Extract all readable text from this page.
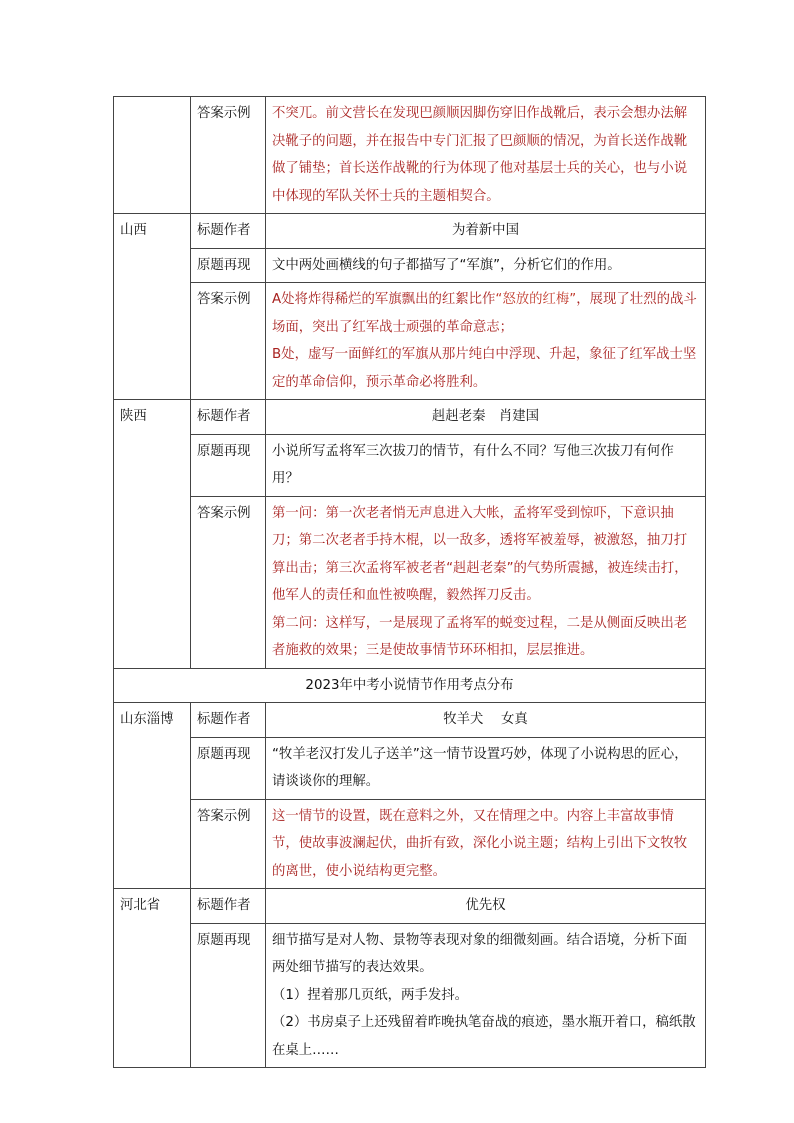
	答案示例	不突兀。前文营长在发现巴颜顺因脚伤穿旧作战靴后，表示会想办法解决靴子的问题，并在报告中专门汇报了巴颜顺的情况，为首长送作战靴做了铺垫；首长送作战靴的行为体现了他对基层士兵的关心，也与小说中体现的军队关怀士兵的主题相契合。
山西	标题作者	为着新中国
	原题再现	文中两处画横线的句子都描写了“军旗”，分析它们的作用。
	答案示例	A处将炸得稀烂的军旗飘出的红絮比作“怒放的红梅”，展现了壮烈的战斗场面，突出了红军战士顽强的革命意志；

B处，虚写一面鲜红的军旗从那片纯白中浮现、升起，象征了红军战士坚定的革命信仰，预示革命必将胜利。

陕西	标题作者	赳赳老秦　肖建国
	原题再现	小说所写孟将军三次拔刀的情节，有什么不同？写他三次拔刀有何作用？
	答案示例	第一问：第一次老者悄无声息进入大帐，孟将军受到惊吓，下意识抽刀；第二次老者手持木棍，以一敌多，透将军被羞辱，被激怒，抽刀打算出击；第三次孟将军被老者“赳赳老秦”的气势所震撼，被连续击打，他军人的责任和血性被唤醒，毅然挥刀反击。

第二问：这样写，一是展现了孟将军的蜕变过程，二是从侧面反映出老者施救的效果；三是使故事情节环环相扣，层层推进。

2023年中考小说情节作用考点分布		
山东淄博	标题作者	牧羊犬　 女真
	原题再现	“牧羊老汉打发儿子送羊”这一情节设置巧妙，体现了小说构思的匠心，请谈谈你的理解。
	答案示例	这一情节的设置，既在意料之外，又在情理之中。内容上丰富故事情节，使故事波澜起伏，曲折有致，深化小说主题；结构上引出下文牧牧的离世，使小说结构更完整。
河北省	标题作者	优先权
	原题再现	细节描写是对人物、景物等表现对象的细微刻画。结合语境，分析下面两处细节描写的表达效果。

（1）捏着那几页纸，两手发抖。

（2）书房桌子上还残留着昨晚执笔奋战的痕迹，墨水瓶开着口，稿纸散在桌上……
